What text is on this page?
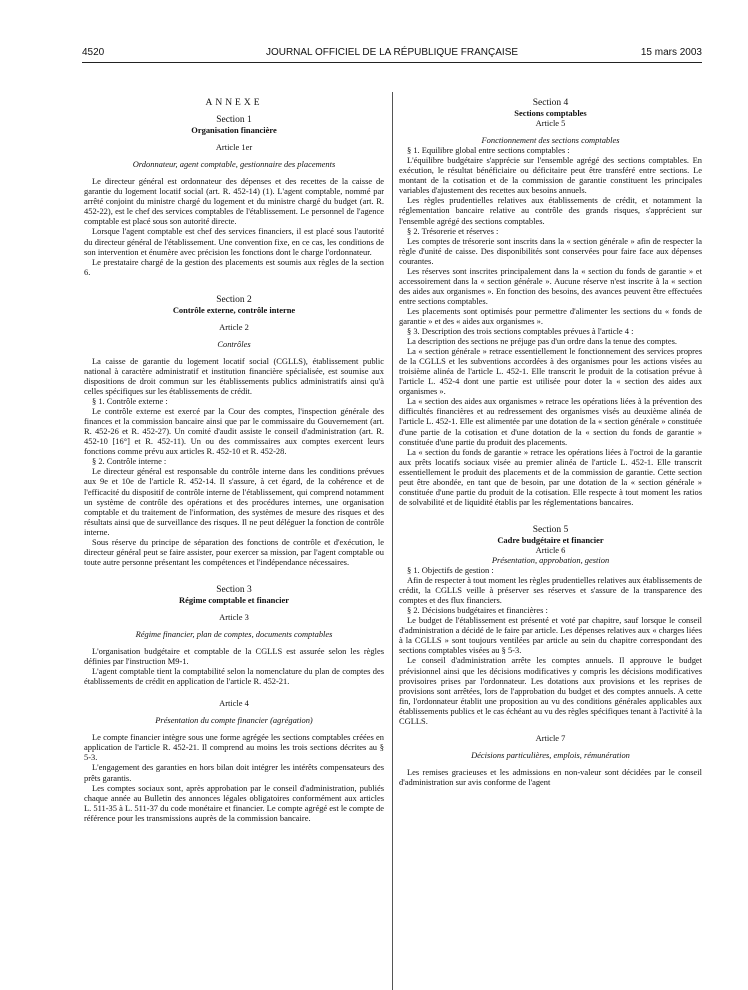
4520	JOURNAL OFFICIEL DE LA RÉPUBLIQUE FRANÇAISE	15 mars 2003

ANNEXE

Section 1

Organisation financière

Article 1er

Ordonnateur, agent comptable, gestionnaire des placements

Le directeur général est ordonnateur des dépenses et des recettes de la caisse de garantie du logement locatif social (art. R. 452-14) (1). L'agent comptable, nommé par arrêté conjoint du ministre chargé du logement et du ministre chargé du budget (art. R. 452-22), est le chef des services comptables de l'établissement. Le personnel de l'agence comptable est placé sous son autorité directe.

Lorsque l'agent comptable est chef des services financiers, il est placé sous l'autorité du directeur général de l'établissement. Une convention fixe, en ce cas, les conditions de son intervention et énumère avec précision les fonctions dont le charge l'ordonnateur.

Le prestataire chargé de la gestion des placements est soumis aux règles de la section 6.

Section 2

Contrôle externe, contrôle interne

Article 2

Contrôles

La caisse de garantie du logement locatif social (CGLLS), établissement public national à caractère administratif et institution financière spécialisée, est soumise aux dispositions de droit commun sur les établissements publics administratifs ainsi qu'à celles spécifiques sur les établissements de crédit.

§ 1. Contrôle externe :

Le contrôle externe est exercé par la Cour des comptes, l'inspection générale des finances et la commission bancaire ainsi que par le commissaire du Gouvernement (art. R. 452-26 et R. 452-27). Un comité d'audit assiste le conseil d'administration (art. R. 452-10 [16°] et R. 452-11). Un ou des commissaires aux comptes exercent leurs fonctions comme prévu aux articles R. 452-10 et R. 452-28.

§ 2. Contrôle interne :

Le directeur général est responsable du contrôle interne dans les conditions prévues aux 9e et 10e de l'article R. 452-14. Il s'assure, à cet égard, de la cohérence et de l'efficacité du dispositif de contrôle interne de l'établissement, qui comprend notamment un système de contrôle des opérations et des procédures internes, une organisation comptable et du traitement de l'information, des systèmes de mesure des risques et des résultats ainsi que de surveillance des risques. Il ne peut déléguer la fonction de contrôle interne.

Sous réserve du principe de séparation des fonctions de contrôle et d'exécution, le directeur général peut se faire assister, pour exercer sa mission, par l'agent comptable ou toute autre personne présentant les compétences et l'indépendance nécessaires.

Section 3

Régime comptable et financier

Article 3

Régime financier, plan de comptes, documents comptables

L'organisation budgétaire et comptable de la CGLLS est assurée selon les règles définies par l'instruction M9-1.

L'agent comptable tient la comptabilité selon la nomenclature du plan de comptes des établissements de crédit en application de l'article R. 452-21.

Article 4

Présentation du compte financier (agrégation)

Le compte financier intègre sous une forme agrégée les sections comptables créées en application de l'article R. 452-21. Il comprend au moins les trois sections décrites au § 5-3.

L'engagement des garanties en hors bilan doit intégrer les intérêts compensateurs des prêts garantis.

Les comptes sociaux sont, après approbation par le conseil d'administration, publiés chaque année au Bulletin des annonces légales obligatoires conformément aux articles L. 511-35 à L. 511-37 du code monétaire et financier. Le compte agrégé est le compte de référence pour les transmissions auprès de la commission bancaire.

Section 4

Sections comptables

Article 5

Fonctionnement des sections comptables

§ 1. Equilibre global entre sections comptables :

L'équilibre budgétaire s'apprécie sur l'ensemble agrégé des sections comptables. En exécution, le résultat bénéficiaire ou déficitaire peut être transféré entre sections. Le montant de la cotisation et de la commission de garantie constituent les principales variables d'ajustement des recettes aux besoins annuels.

Les règles prudentielles relatives aux établissements de crédit, et notamment la réglementation bancaire relative au contrôle des grands risques, s'apprécient sur l'ensemble agrégé des sections comptables.

§ 2. Trésorerie et réserves :

Les comptes de trésorerie sont inscrits dans la « section générale » afin de respecter la règle d'unité de caisse. Des disponibilités sont conservées pour faire face aux dépenses courantes.

Les réserves sont inscrites principalement dans la « section du fonds de garantie » et accessoirement dans la « section générale ». Aucune réserve n'est inscrite à la « section des aides aux organismes ». En fonction des besoins, des avances peuvent être effectuées entre sections comptables.

Les placements sont optimisés pour permettre d'alimenter les sections du « fonds de garantie » et des « aides aux organismes ».

§ 3. Description des trois sections comptables prévues à l'article 4 :

La description des sections ne préjuge pas d'un ordre dans la tenue des comptes.

La « section générale » retrace essentiellement le fonctionnement des services propres de la CGLLS et les subventions accordées à des organismes pour les actions visées au troisième alinéa de l'article L. 452-1. Elle transcrit le produit de la cotisation prévue à l'article L. 452-4 dont une partie est utilisée pour doter la « section des aides aux organismes ».

La « section des aides aux organismes » retrace les opérations liées à la prévention des difficultés financières et au redressement des organismes visés au deuxième alinéa de l'article L. 452-1. Elle est alimentée par une dotation de la « section générale » constituée d'une partie de la cotisation et d'une dotation de la « section du fonds de garantie » constituée d'une partie du produit des placements.

La « section du fonds de garantie » retrace les opérations liées à l'octroi de la garantie aux prêts locatifs sociaux visée au premier alinéa de l'article L. 452-1. Elle transcrit essentiellement le produit des placements et de la commission de garantie. Cette section peut être abondée, en tant que de besoin, par une dotation de la « section générale » constituée d'une partie du produit de la cotisation. Elle respecte à tout moment les ratios de solvabilité et de liquidité établis par les réglementations bancaires.

Section 5

Cadre budgétaire et financier

Article 6

Présentation, approbation, gestion

§ 1. Objectifs de gestion :

Afin de respecter à tout moment les règles prudentielles relatives aux établissements de crédit, la CGLLS veille à préserver ses réserves et s'assure de la transparence des comptes et des flux financiers.

§ 2. Décisions budgétaires et financières :

Le budget de l'établissement est présenté et voté par chapitre, sauf lorsque le conseil d'administration a décidé de le faire par article. Les dépenses relatives aux « charges liées à la CGLLS » sont toujours ventilées par article au sein du chapitre correspondant des sections comptables visées au § 5-3.

Le conseil d'administration arrête les comptes annuels. Il approuve le budget prévisionnel ainsi que les décisions modificatives y compris les décisions modificatives provisoires prises par l'ordonnateur. Les dotations aux provisions et les reprises de provisions sont arrêtées, lors de l'approbation du budget et des comptes annuels. A cette fin, l'ordonnateur établit une proposition au vu des conditions générales applicables aux établissements publics et le cas échéant au vu des règles spécifiques tenant à l'activité à la CGLLS.

Article 7

Décisions particulières, emplois, rémunération

Les remises gracieuses et les admissions en non-valeur sont décidées par le conseil d'administration sur avis conforme de l'agent
